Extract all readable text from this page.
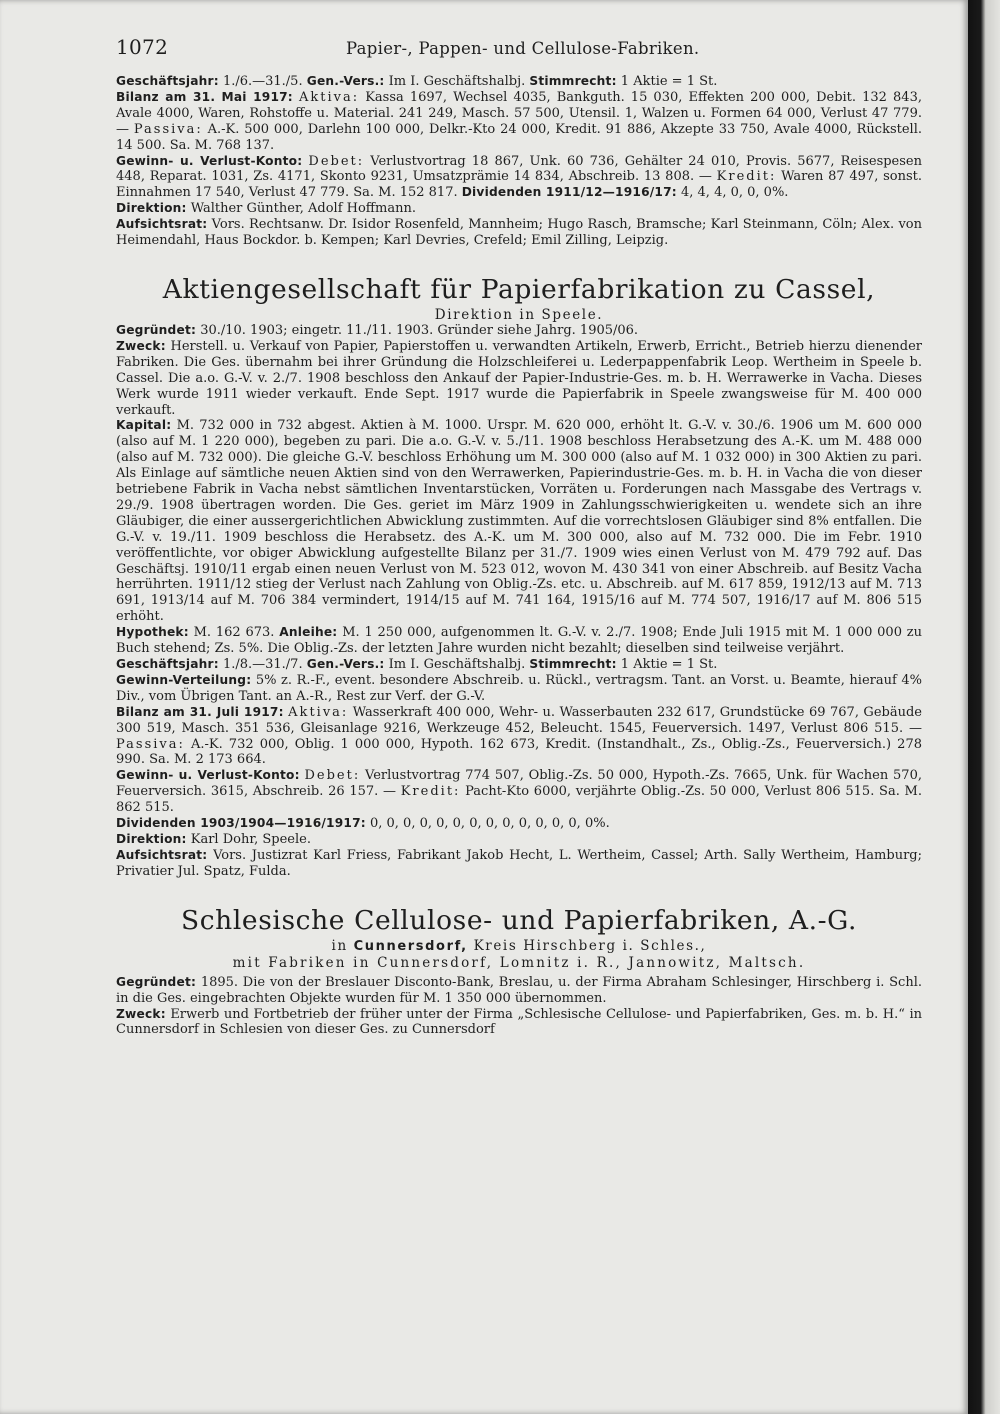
1072	Papier-, Pappen- und Cellulose-Fabriken.

Geschäftsjahr: 1./6.—31./5. Gen.-Vers.: Im I. Geschäftshalbj. Stimmrecht: 1 Aktie = 1 St.

Bilanz am 31. Mai 1917: Aktiva: Kassa 1697, Wechsel 4035, Bankguth. 15 030, Effekten 200 000, Debit. 132 843, Avale 4000, Waren, Rohstoffe u. Material. 241 249, Masch. 57 500, Utensil. 1, Walzen u. Formen 64 000, Verlust 47 779. — Passiva: A.-K. 500 000, Darlehn 100 000, Delkr.-Kto 24 000, Kredit. 91 886, Akzepte 33 750, Avale 4000, Rückstell. 14 500. Sa. M. 768 137.

Gewinn- u. Verlust-Konto: Debet: Verlustvortrag 18 867, Unk. 60 736, Gehälter 24 010, Provis. 5677, Reisespesen 448, Reparat. 1031, Zs. 4171, Skonto 9231, Umsatzprämie 14 834, Abschreib. 13 808. — Kredit: Waren 87 497, sonst. Einnahmen 17 540, Verlust 47 779. Sa. M. 152 817. Dividenden 1911/12—1916/17: 4, 4, 4, 0, 0, 0%.

Direktion: Walther Günther, Adolf Hoffmann.

Aufsichtsrat: Vors. Rechtsanw. Dr. Isidor Rosenfeld, Mannheim; Hugo Rasch, Bramsche; Karl Steinmann, Cöln; Alex. von Heimendahl, Haus Bockdor. b. Kempen; Karl Devries, Crefeld; Emil Zilling, Leipzig.

Aktiengesellschaft für Papierfabrikation zu Cassel,
Direktion in Speele.

Gegründet: 30./10. 1903; eingetr. 11./11. 1903. Gründer siehe Jahrg. 1905/06.

Zweck: Herstell. u. Verkauf von Papier, Papierstoffen u. verwandten Artikeln, Erwerb, Erricht., Betrieb hierzu dienender Fabriken. Die Ges. übernahm bei ihrer Gründung die Holzschleiferei u. Lederpappenfabrik Leop. Wertheim in Speele b. Cassel. Die a.o. G.-V. v. 2./7. 1908 beschloss den Ankauf der Papier-Industrie-Ges. m. b. H. Werrawerke in Vacha. Dieses Werk wurde 1911 wieder verkauft. Ende Sept. 1917 wurde die Papierfabrik in Speele zwangsweise für M. 400 000 verkauft.

Kapital: M. 732 000 in 732 abgest. Aktien à M. 1000. Urspr. M. 620 000, erhöht lt. G.-V. v. 30./6. 1906 um M. 600 000 (also auf M. 1 220 000), begeben zu pari. Die a.o. G.-V. v. 5./11. 1908 beschloss Herabsetzung des A.-K. um M. 488 000 (also auf M. 732 000). Die gleiche G.-V. beschloss Erhöhung um M. 300 000 (also auf M. 1 032 000) in 300 Aktien zu pari. Als Einlage auf sämtliche neuen Aktien sind von den Werrawerken, Papierindustrie-Ges. m. b. H. in Vacha die von dieser betriebene Fabrik in Vacha nebst sämtlichen Inventarstücken, Vorräten u. Forderungen nach Massgabe des Vertrags v. 29./9. 1908 übertragen worden. Die Ges. geriet im März 1909 in Zahlungsschwierigkeiten u. wendete sich an ihre Gläubiger, die einer aussergerichtlichen Abwicklung zustimmten. Auf die vorrechtslosen Gläubiger sind 8% entfallen. Die G.-V. v. 19./11. 1909 beschloss die Herabsetz. des A.-K. um M. 300 000, also auf M. 732 000. Die im Febr. 1910 veröffentlichte, vor obiger Abwicklung aufgestellte Bilanz per 31./7. 1909 wies einen Verlust von M. 479 792 auf. Das Geschäftsj. 1910/11 ergab einen neuen Verlust von M. 523 012, wovon M. 430 341 von einer Abschreib. auf Besitz Vacha herrührten. 1911/12 stieg der Verlust nach Zahlung von Oblig.-Zs. etc. u. Abschreib. auf M. 617 859, 1912/13 auf M. 713 691, 1913/14 auf M. 706 384 vermindert, 1914/15 auf M. 741 164, 1915/16 auf M. 774 507, 1916/17 auf M. 806 515 erhöht.

Hypothek: M. 162 673. Anleihe: M. 1 250 000, aufgenommen lt. G.-V. v. 2./7. 1908; Ende Juli 1915 mit M. 1 000 000 zu Buch stehend; Zs. 5%. Die Oblig.-Zs. der letzten Jahre wurden nicht bezahlt; dieselben sind teilweise verjährt.

Geschäftsjahr: 1./8.—31./7. Gen.-Vers.: Im I. Geschäftshalbj. Stimmrecht: 1 Aktie = 1 St.

Gewinn-Verteilung: 5% z. R.-F., event. besondere Abschreib. u. Rückl., vertragsm. Tant. an Vorst. u. Beamte, hierauf 4% Div., vom Übrigen Tant. an A.-R., Rest zur Verf. der G.-V.

Bilanz am 31. Juli 1917: Aktiva: Wasserkraft 400 000, Wehr- u. Wasserbauten 232 617, Grundstücke 69 767, Gebäude 300 519, Masch. 351 536, Gleisanlage 9216, Werkzeuge 452, Beleucht. 1545, Feuerversich. 1497, Verlust 806 515. — Passiva: A.-K. 732 000, Oblig. 1 000 000, Hypoth. 162 673, Kredit. (Instandhalt., Zs., Oblig.-Zs., Feuerversich.) 278 990. Sa. M. 2 173 664.

Gewinn- u. Verlust-Konto: Debet: Verlustvortrag 774 507, Oblig.-Zs. 50 000, Hypoth.-Zs. 7665, Unk. für Wachen 570, Feuerversich. 3615, Abschreib. 26 157. — Kredit: Pacht-Kto 6000, verjährte Oblig.-Zs. 50 000, Verlust 806 515. Sa. M. 862 515.

Dividenden 1903/1904—1916/1917: 0, 0, 0, 0, 0, 0, 0, 0, 0, 0, 0, 0, 0, 0%.

Direktion: Karl Dohr, Speele.

Aufsichtsrat: Vors. Justizrat Karl Friess, Fabrikant Jakob Hecht, L. Wertheim, Cassel; Arth. Sally Wertheim, Hamburg; Privatier Jul. Spatz, Fulda.

Schlesische Cellulose- und Papierfabriken, A.-G.
in Cunnersdorf, Kreis Hirschberg i. Schles.,
mit Fabriken in Cunnersdorf, Lomnitz i. R., Jannowitz, Maltsch.

Gegründet: 1895. Die von der Breslauer Disconto-Bank, Breslau, u. der Firma Abraham Schlesinger, Hirschberg i. Schl. in die Ges. eingebrachten Objekte wurden für M. 1 350 000 übernommen.

Zweck: Erwerb und Fortbetrieb der früher unter der Firma „Schlesische Cellulose- und Papierfabriken, Ges. m. b. H.“ in Cunnersdorf in Schlesien von dieser Ges. zu Cunnersdorf
